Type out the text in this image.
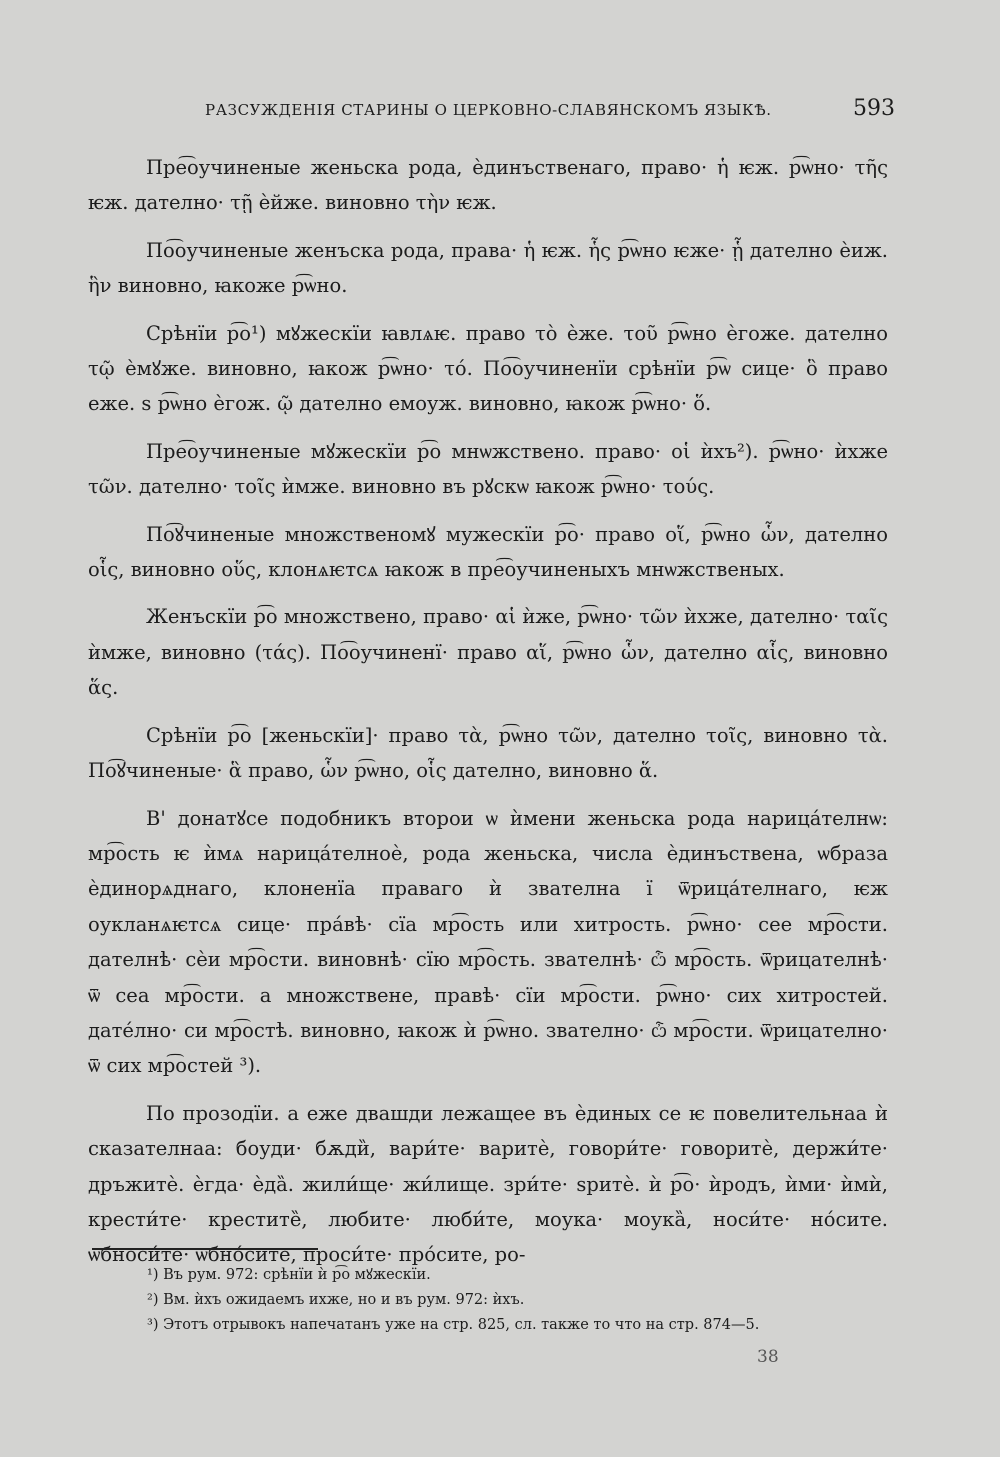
РАЗСУЖДЕНІЯ СТАРИНЫ О ЦЕРКОВНО-СЛАВЯНСКОМЪ ЯЗЫКѢ.	593

Пре͡оучиненые женьска рода, ѐдинъственаго, право· ἡ ѥж. р͡ѡно· τῆς ѥж. дателно· τῇ ѐйже. виновно τὴν ѥж.

По͡оучиненые женъска рода, права· ἡ ѥж. ἧς р͡ѡно ѥже· ᾗ дателно ѐиж. ἣν виновно, ꙗкоже р͡ѡно.

Срѣнїи р͡о¹) мꙋжескїи ꙗвлѧѥ. право τὸ ѐже. τοῦ р͡ѡно ѐгоже. дателно τῷ ѐмꙋже. виновно, ꙗкож р͡ѡно· τό. По͡оучиненїи срѣнїи р͡ѡ сице· ὃ право еже. ѕ р͡ѡно ѐгож. ῷ дателно емоуж. виновно, ꙗкож р͡ѡно· ὅ.

Пре͡оучиненые мꙋжескїи р͡о мнѡжствено. право· οἱ ѝхъ²). р͡ѡно· ѝхже τῶν. дателно· τοῖς ѝмже. виновно въ рꙋскѡ ꙗкож р͡ѡно· τούς.

По͡ꙋчиненые множственомꙋ мужескїи р͡о· право οἵ, р͡ѡно ὧν, дателно οἷς, виновно οὕς, клонѧѥтсѧ ꙗкож в пре͡оучиненыхъ мнѡжственых.

Женъскїи р͡о множствено, право· αἱ ѝже, р͡ѡно· τῶν ѝхже, дателно· ταῖς ѝмже, виновно (τάς). По͡оучиненї· право αἵ, р͡ѡно ὧν, дателно αἷς, виновно ἅς.

Срѣнїи р͡о [женьскїи]· право τὰ, р͡ѡно τῶν, дателно τοῖς, виновно τὰ. По͡ꙋчиненые· ἃ право, ὧν р͡ѡно, οἷς дателно, виновно ἅ.

В' донатꙋсе подобникъ вторoи ѡ ѝмени женьска рода нарица́телнѡ: мр͡ость ѥ ѝмѧ нарица́телноѐ, рода женьска, числа ѐдинъствена, ѡбраза ѐдинорѧднаго, клоненїа праваго ѝ звателна ї ѿрица́телнаго, ѥж оукланѧѥтсѧ сице· пра́вѣ· сїа мр͡ость или хитрость. р͡ѡно· сее мр͡ости. дателнѣ· сѐи мр͡ости. виновнѣ· сїю мр͡ость. звателнѣ· ѽ мр͡ость. ѿрицателнѣ· ѿ сеа мр͡ости. а множствене, правѣ· сїи мр͡ости. р͡ѡно· сих хитростей. дате́лно· си мр͡остѣ. виновно, ꙗкож ѝ р͡ѡно. звателно· ѽ мр͡ости. ѿрицателно· ѿ сих мр͡остей ³).

По прозодїи. а еже двашди лежащее въ ѐдиных се ѥ повелительнаа ѝ сказателнаа: боуди· бѫди̏, вари́те· варитѐ, говори́те· говоритѐ, держи́те· дръжитѐ. ѐгда· ѐда̏. жили́ще· жи́лище. зри́те· ѕритѐ. ѝ р͡о· ѝродъ, ѝми· ѝмѝ, крести́те· крестите̏, любите· люби́те, моука· моука̏, носи́те· но́сите. ѡбноси́те· ѡбно́сите, проси́те· про́сите, ро-

¹) Въ рум. 972: срѣнїи ѝ р͡о мꙋжескїи.
²) Вм. ѝхъ ожидаемъ ихже, но и въ рум. 972: ѝхъ.
³) Этотъ отрывокъ напечатанъ уже на стр. 825, сл. также то что на стр. 874—5.
38
